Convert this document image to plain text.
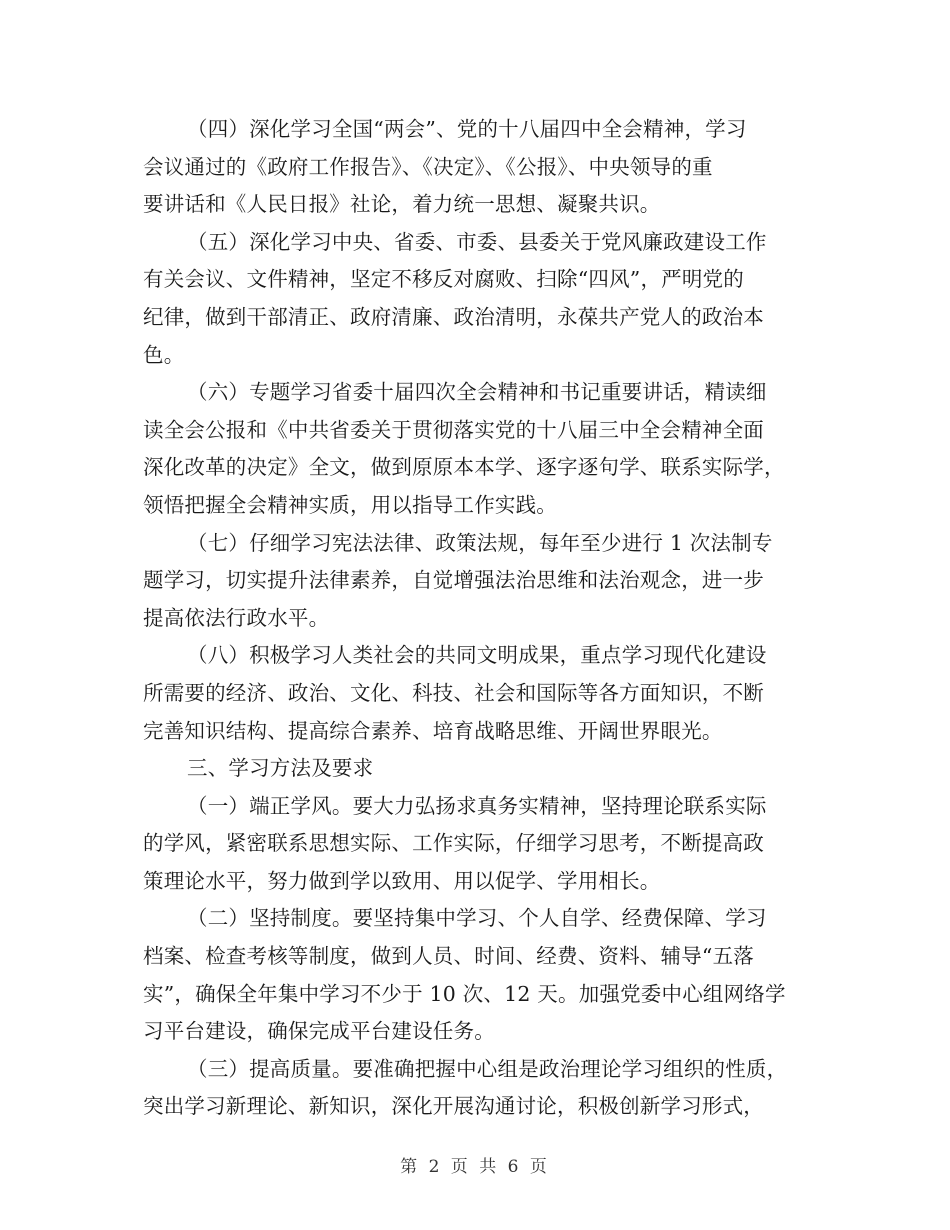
（四）深化学习全国“两会”、党的十八届四中全会精神，学习
会议通过的《政府工作报告》、《决定》、《公报》、中央领导的重
要讲话和《人民日报》社论，着力统一思想、凝聚共识。
（五）深化学习中央、省委、市委、县委关于党风廉政建设工作
有关会议、文件精神，坚定不移反对腐败、扫除“四风”，严明党的
纪律，做到干部清正、政府清廉、政治清明，永葆共产党人的政治本
色。
（六）专题学习省委十届四次全会精神和书记重要讲话，精读细
读全会公报和《中共省委关于贯彻落实党的十八届三中全会精神全面
深化改革的决定》全文，做到原原本本学、逐字逐句学、联系实际学，
领悟把握全会精神实质，用以指导工作实践。
（七）仔细学习宪法法律、政策法规，每年至少进行 1 次法制专
题学习，切实提升法律素养，自觉增强法治思维和法治观念，进一步
提高依法行政水平。
（八）积极学习人类社会的共同文明成果，重点学习现代化建设
所需要的经济、政治、文化、科技、社会和国际等各方面知识，不断
完善知识结构、提高综合素养、培育战略思维、开阔世界眼光。
三、学习方法及要求
（一）端正学风。要大力弘扬求真务实精神，坚持理论联系实际
的学风，紧密联系思想实际、工作实际，仔细学习思考，不断提高政
策理论水平，努力做到学以致用、用以促学、学用相长。
（二）坚持制度。要坚持集中学习、个人自学、经费保障、学习
档案、检查考核等制度，做到人员、时间、经费、资料、辅导“五落
实”，确保全年集中学习不少于 10 次、12 天。加强党委中心组网络学
习平台建设，确保完成平台建设任务。
（三）提高质量。要准确把握中心组是政治理论学习组织的性质，
突出学习新理论、新知识，深化开展沟通讨论，积极创新学习形式，
第 2 页 共 6 页
